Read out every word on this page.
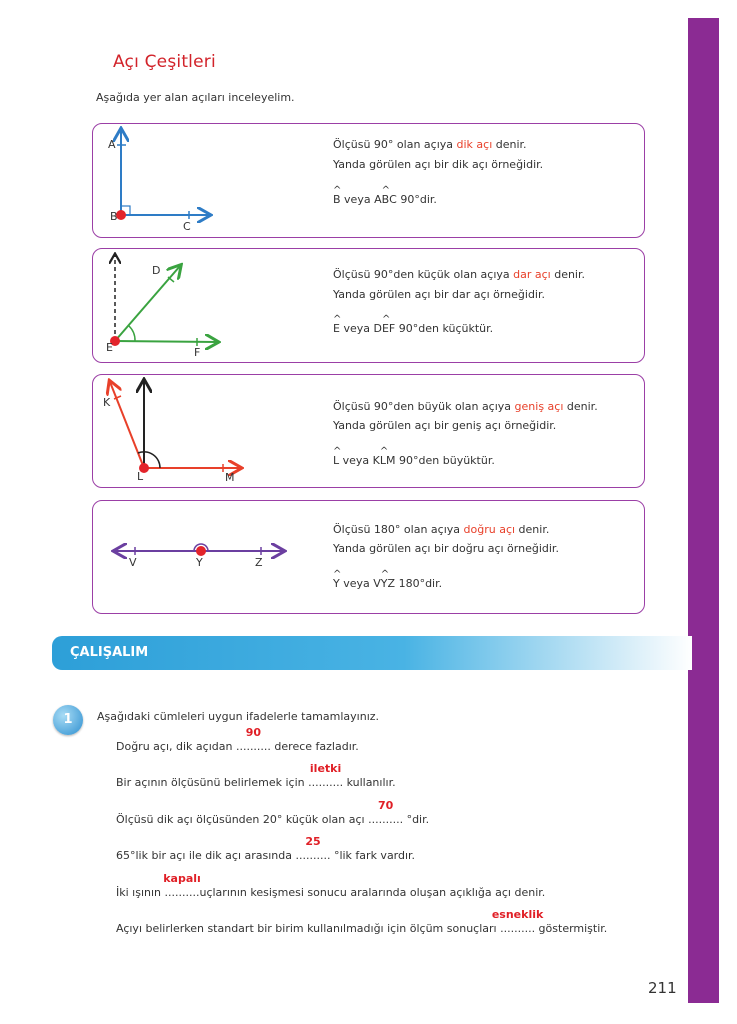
Açı Çeşitleri
Aşağıda yer alan açıları inceleyelim.
A
B
C
Ölçüsü 90° olan açıya dik açı denir.
Yanda görülen açı bir dik açı örneğidir.
^ B veya A^ BC 90°dir.
D
E	F
Ölçüsü 90°den küçük olan açıya dar açı denir.
Yanda görülen açı bir dar açı örneğidir.
^ E veya D^ EF 90°den küçüktür.
K
L	M
Ölçüsü 90°den büyük olan açıya geniş açı denir.
Yanda görülen açı bir geniş açı örneğidir.
^ L veya K^ LM 90°den büyüktür.
V	Y	Z
Ölçüsü 180° olan açıya doğru açı denir.
Yanda görülen açı bir doğru açı örneğidir.
^ Y veya V^ YZ 180°dir.
ÇALIŞALIM
1	Aşağıdaki cümleleri uygun ifadelerle tamamlayınız.
Doğru açı, dik açıdan ..........
90
derece fazladır.
Bir açının ölçüsünü belirlemek için ..........
iletki
kullanılır.
Ölçüsü dik açı ölçüsünden 20° küçük olan açı ..........
70
°dir.
65°lik bir açı ile dik açı arasında ..........
25
°lik fark vardır.
İki ışının ..........
kapalı
uçlarının kesişmesi sonucu aralarında oluşan açıklığa açı denir.
Açıyı belirlerken standart bir birim kullanılmadığı için ölçüm sonuçları ..........
esneklik
göstermiştir.
211
